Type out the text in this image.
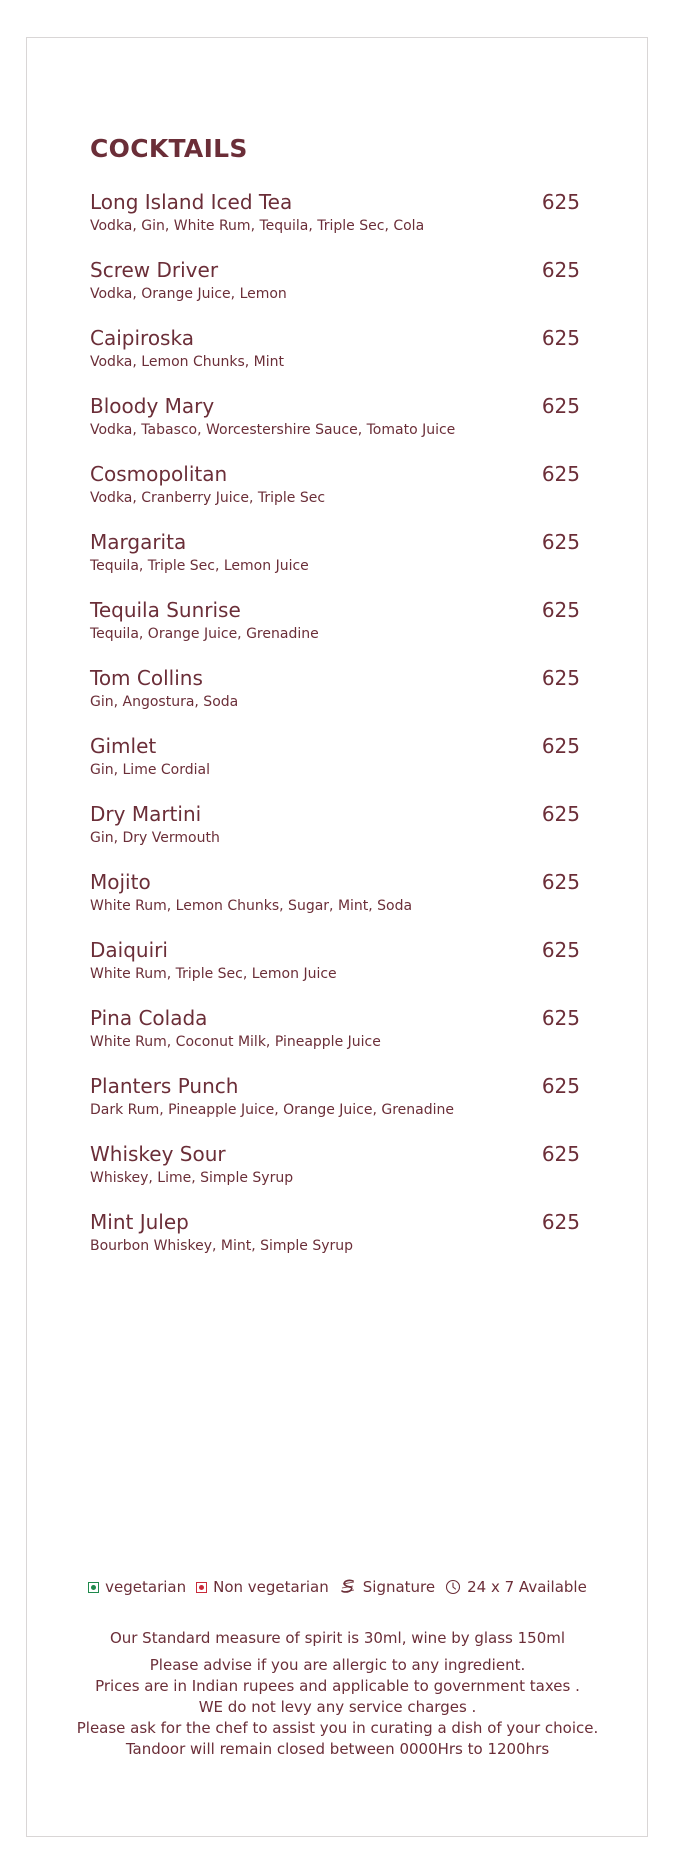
COCKTAILS
Long Island Iced Tea	625
Vodka, Gin, White Rum, Tequila, Triple Sec, Cola
Screw Driver	625
Vodka, Orange Juice, Lemon
Caipiroska	625
Vodka, Lemon Chunks, Mint
Bloody Mary	625
Vodka, Tabasco, Worcestershire Sauce, Tomato Juice
Cosmopolitan	625
Vodka, Cranberry Juice, Triple Sec
Margarita	625
Tequila, Triple Sec, Lemon Juice
Tequila Sunrise	625
Tequila, Orange Juice, Grenadine
Tom Collins	625
Gin, Angostura, Soda
Gimlet	625
Gin, Lime Cordial
Dry Martini	625
Gin, Dry Vermouth
Mojito	625
White Rum, Lemon Chunks, Sugar, Mint, Soda
Daiquiri	625
White Rum, Triple Sec, Lemon Juice
Pina Colada	625
White Rum, Coconut Milk, Pineapple Juice
Planters Punch	625
Dark Rum, Pineapple Juice, Orange Juice, Grenadine
Whiskey Sour	625
Whiskey, Lime, Simple Syrup
Mint Julep	625
Bourbon Whiskey, Mint, Simple Syrup
vegetarian Non vegetarian Signature 24 x 7 Available
Our Standard measure of spirit is 30ml, wine by glass 150ml
Please advise if you are allergic to any ingredient.
Prices are in Indian rupees and applicable to government taxes .
WE do not levy any service charges .
Please ask for the chef to assist you in curating a dish of your choice.
Tandoor will remain closed between 0000Hrs to 1200hrs
